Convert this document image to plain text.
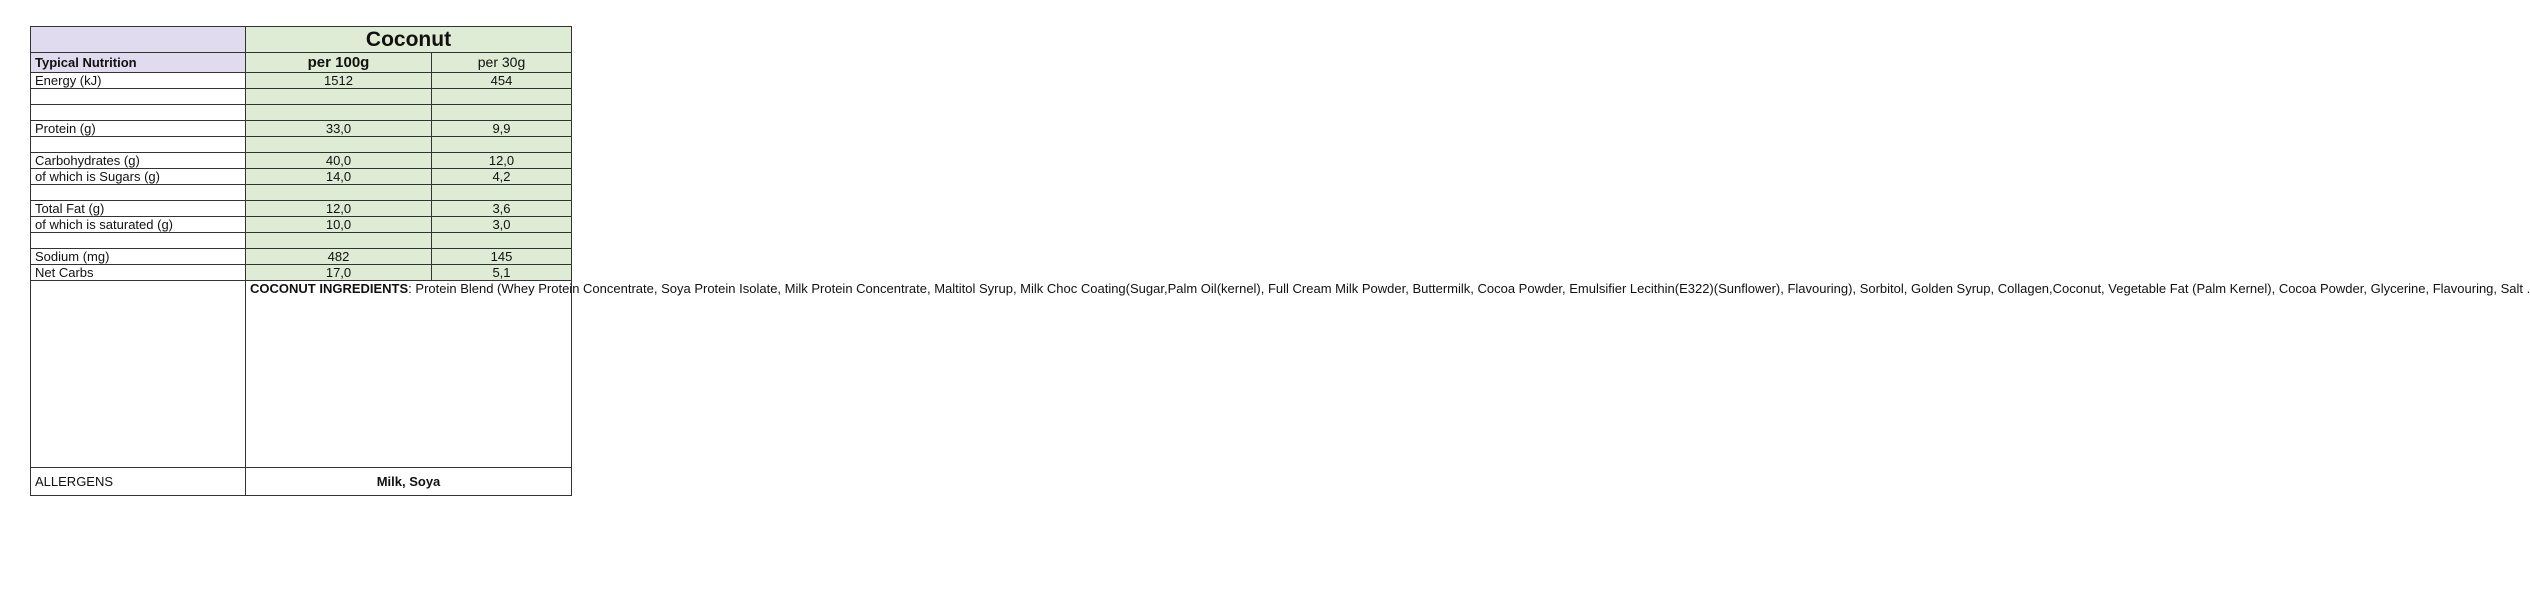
	Coconut	
Typical Nutrition	per 100g	per 30g
Energy (kJ)	1512	454

Protein (g)	33,0	9,9

Carbohydrates (g)	40,0	12,0
of which is Sugars (g)	14,0	4,2

Total Fat (g)	12,0	3,6
of which is saturated (g)	10,0	3,0

Sodium (mg)	482	145
Net Carbs	17,0	5,1
	COCONUT INGREDIENTS: Protein Blend (Whey Protein Concentrate, Soya Protein Isolate, Milk Protein Concentrate, Maltitol Syrup, Milk Choc Coating(Sugar,Palm Oil(kernel), Full Cream Milk Powder, Buttermilk, Cocoa Powder, Emulsifier Lecithin(E322)(Sunflower), Flavouring), Sorbitol, Golden Syrup, Collagen,Coconut, Vegetable Fat (Palm Kernel), Cocoa Powder, Glycerine, Flavouring, Salt .	
ALLERGENS	Milk, Soya	
